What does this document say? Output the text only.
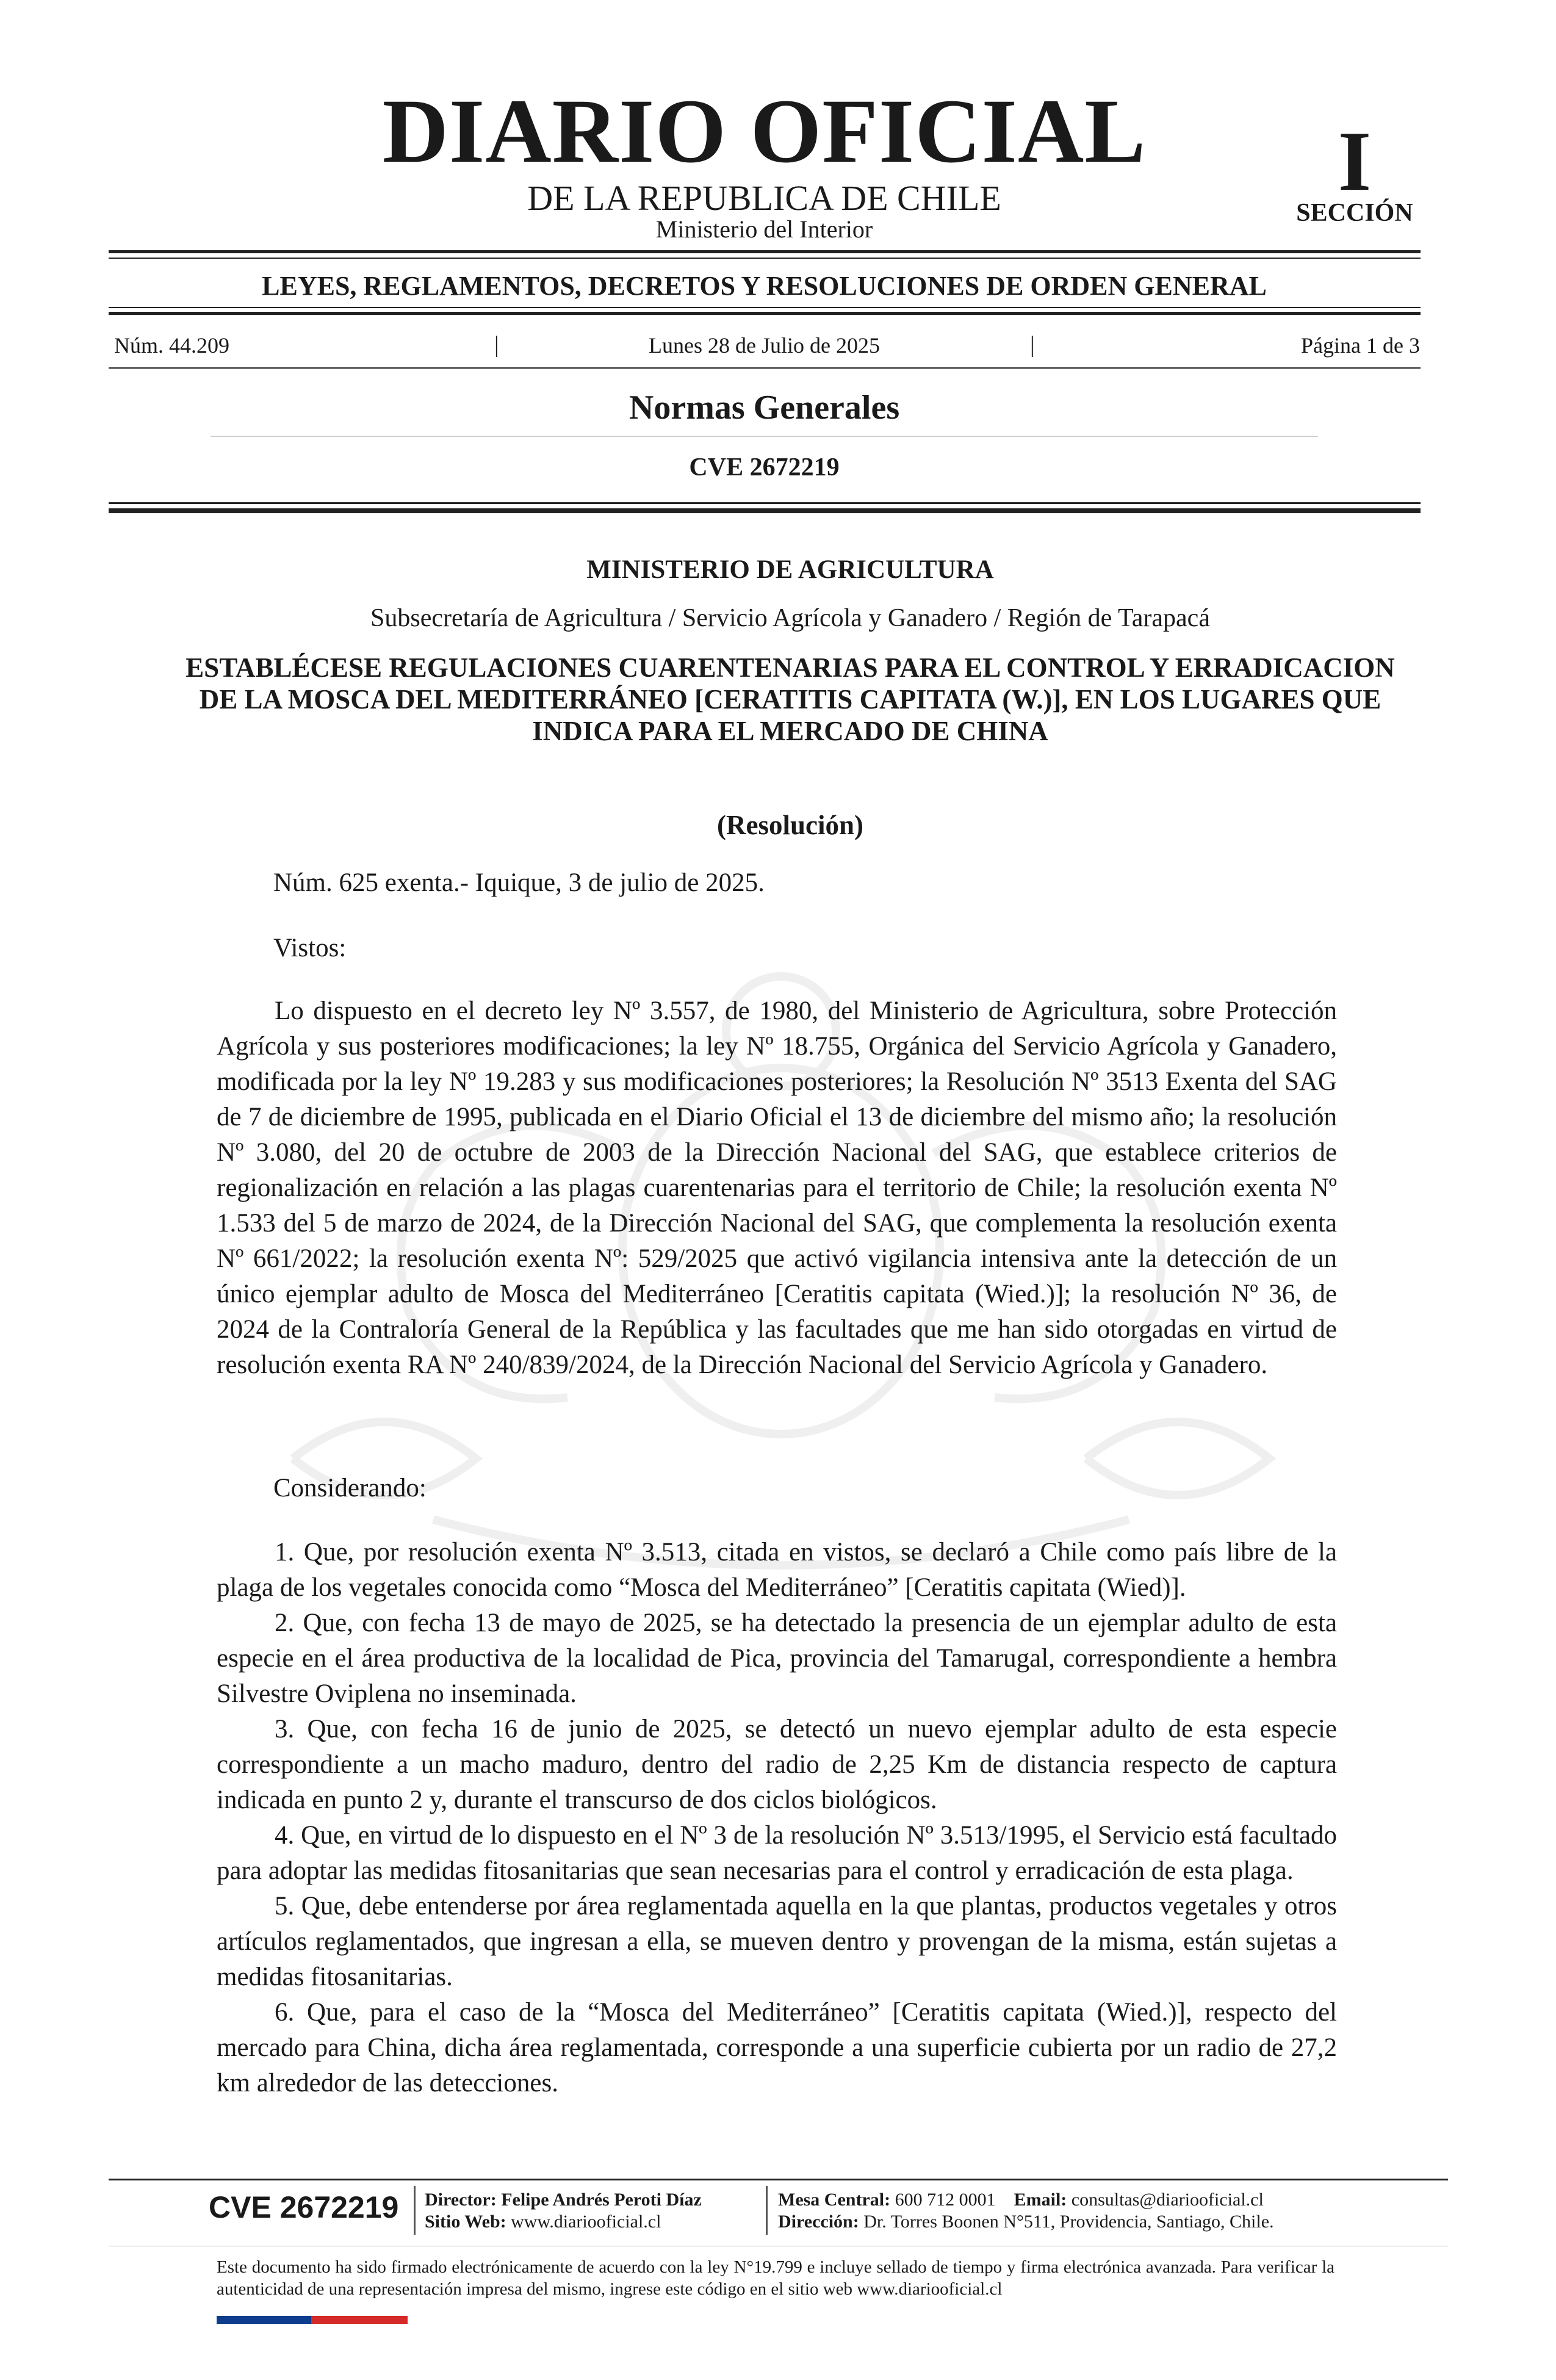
DIARIO OFICIAL
DE LA REPUBLICA DE CHILE
Ministerio del Interior
I
SECCIÓN
LEYES, REGLAMENTOS, DECRETOS Y RESOLUCIONES DE ORDEN GENERAL
Núm. 44.209	|	Lunes 28 de Julio de 2025	|	Página 1 de 3
Normas Generales
CVE 2672219
MINISTERIO DE AGRICULTURA
Subsecretaría de Agricultura / Servicio Agrícola y Ganadero / Región de Tarapacá
ESTABLÉCESE REGULACIONES CUARENTENARIAS PARA EL CONTROL Y ERRADICACION DE LA MOSCA DEL MEDITERRÁNEO [CERATITIS CAPITATA (W.)], EN LOS LUGARES QUE INDICA PARA EL MERCADO DE CHINA
(Resolución)
Núm. 625 exenta.- Iquique, 3 de julio de 2025.
Vistos:
Lo dispuesto en el decreto ley Nº 3.557, de 1980, del Ministerio de Agricultura, sobre Protección Agrícola y sus posteriores modificaciones; la ley Nº 18.755, Orgánica del Servicio Agrícola y Ganadero, modificada por la ley Nº 19.283 y sus modificaciones posteriores; la Resolución Nº 3513 Exenta del SAG de 7 de diciembre de 1995, publicada en el Diario Oficial el 13 de diciembre del mismo año; la resolución Nº 3.080, del 20 de octubre de 2003 de la Dirección Nacional del SAG, que establece criterios de regionalización en relación a las plagas cuarentenarias para el territorio de Chile; la resolución exenta Nº 1.533 del 5 de marzo de 2024, de la Dirección Nacional del SAG, que complementa la resolución exenta Nº 661/2022; la resolución exenta Nº: 529/2025 que activó vigilancia intensiva ante la detección de un único ejemplar adulto de Mosca del Mediterráneo [Ceratitis capitata (Wied.)]; la resolución Nº 36, de 2024 de la Contraloría General de la República y las facultades que me han sido otorgadas en virtud de resolución exenta RA Nº 240/839/2024, de la Dirección Nacional del Servicio Agrícola y Ganadero.
Considerando:

1. Que, por resolución exenta Nº 3.513, citada en vistos, se declaró a Chile como país libre de la plaga de los vegetales conocida como “Mosca del Mediterráneo” [Ceratitis capitata (Wied)].

2. Que, con fecha 13 de mayo de 2025, se ha detectado la presencia de un ejemplar adulto de esta especie en el área productiva de la localidad de Pica, provincia del Tamarugal, correspondiente a hembra Silvestre Oviplena no inseminada.

3. Que, con fecha 16 de junio de 2025, se detectó un nuevo ejemplar adulto de esta especie correspondiente a un macho maduro, dentro del radio de 2,25 Km de distancia respecto de captura indicada en punto 2 y, durante el transcurso de dos ciclos biológicos.

4. Que, en virtud de lo dispuesto en el Nº 3 de la resolución Nº 3.513/1995, el Servicio está facultado para adoptar las medidas fitosanitarias que sean necesarias para el control y erradicación de esta plaga.

5. Que, debe entenderse por área reglamentada aquella en la que plantas, productos vegetales y otros artículos reglamentados, que ingresan a ella, se mueven dentro y provengan de la misma, están sujetas a medidas fitosanitarias.

6. Que, para el caso de la “Mosca del Mediterráneo” [Ceratitis capitata (Wied.)], respecto del mercado para China, dicha área reglamentada, corresponde a una superficie cubierta por un radio de 27,2 km alrededor de las detecciones.

CVE 2672219 Director: Felipe Andrés Peroti Díaz
Sitio Web: www.diariooficial.cl
Mesa Central: 600 712 0001 Email: consultas@diariooficial.cl
Dirección: Dr. Torres Boonen N°511, Providencia, Santiago, Chile.
Este documento ha sido firmado electrónicamente de acuerdo con la ley N°19.799 e incluye sellado de tiempo y firma electrónica avanzada. Para verificar la autenticidad de una representación impresa del mismo, ingrese este código en el sitio web www.diariooficial.cl
